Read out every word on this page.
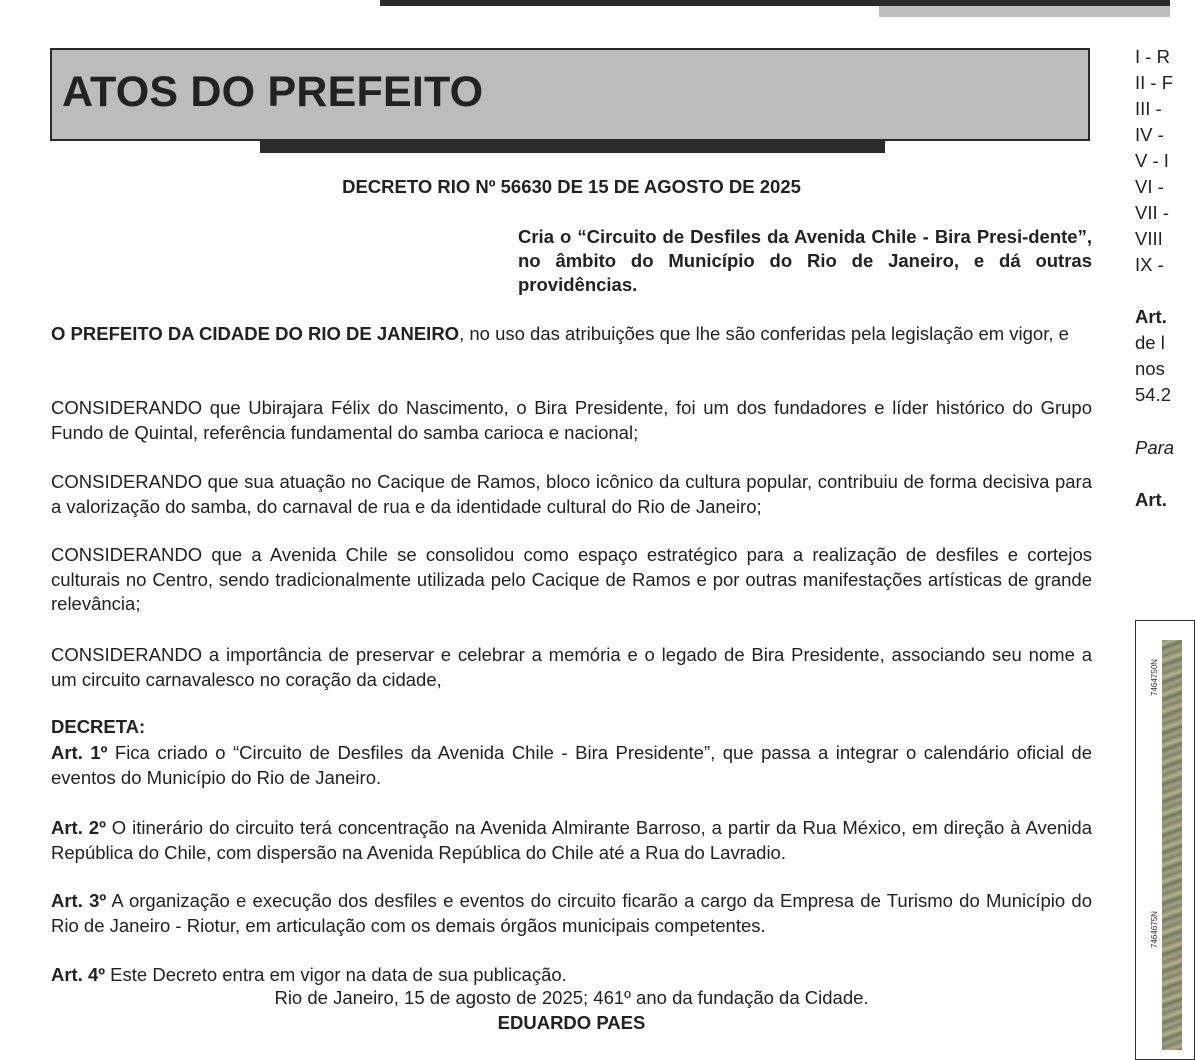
ATOS DO PREFEITO
DECRETO RIO Nº 56630 DE 15 DE AGOSTO DE 2025
Cria o “Circuito de Desfiles da Avenida Chile - Bira Presi-dente”, no âmbito do Município do Rio de Janeiro, e dá outras providências.
O PREFEITO DA CIDADE DO RIO DE JANEIRO, no uso das atribuições que lhe são conferidas pela legislação em vigor, e
CONSIDERANDO que Ubirajara Félix do Nascimento, o Bira Presidente, foi um dos fundadores e líder histórico do Grupo Fundo de Quintal, referência fundamental do samba carioca e nacional;
CONSIDERANDO que sua atuação no Cacique de Ramos, bloco icônico da cultura popular, contribuiu de forma decisiva para a valorização do samba, do carnaval de rua e da identidade cultural do Rio de Janeiro;
CONSIDERANDO que a Avenida Chile se consolidou como espaço estratégico para a realização de desfiles e cortejos culturais no Centro, sendo tradicionalmente utilizada pelo Cacique de Ramos e por outras manifestações artísticas de grande relevância;
CONSIDERANDO a importância de preservar e celebrar a memória e o legado de Bira Presidente, associando seu nome a um circuito carnavalesco no coração da cidade,
DECRETA:
Art. 1º Fica criado o “Circuito de Desfiles da Avenida Chile - Bira Presidente”, que passa a integrar o calendário oficial de eventos do Município do Rio de Janeiro.
Art. 2º O itinerário do circuito terá concentração na Avenida Almirante Barroso, a partir da Rua México, em direção à Avenida República do Chile, com dispersão na Avenida República do Chile até a Rua do Lavradio.
Art. 3º A organização e execução dos desfiles e eventos do circuito ficarão a cargo da Empresa de Turismo do Município do Rio de Janeiro - Riotur, em articulação com os demais órgãos municipais competentes.
Art. 4º Este Decreto entra em vigor na data de sua publicação.
Rio de Janeiro, 15 de agosto de 2025; 461º ano da fundação da Cidade.
EDUARDO PAES
I - R
II - F
III -
IV -
V - I
VI -
VII -
VIII
IX -
Art.
de l
nos
54.2
Para
Art.
7464750N
7464675N
